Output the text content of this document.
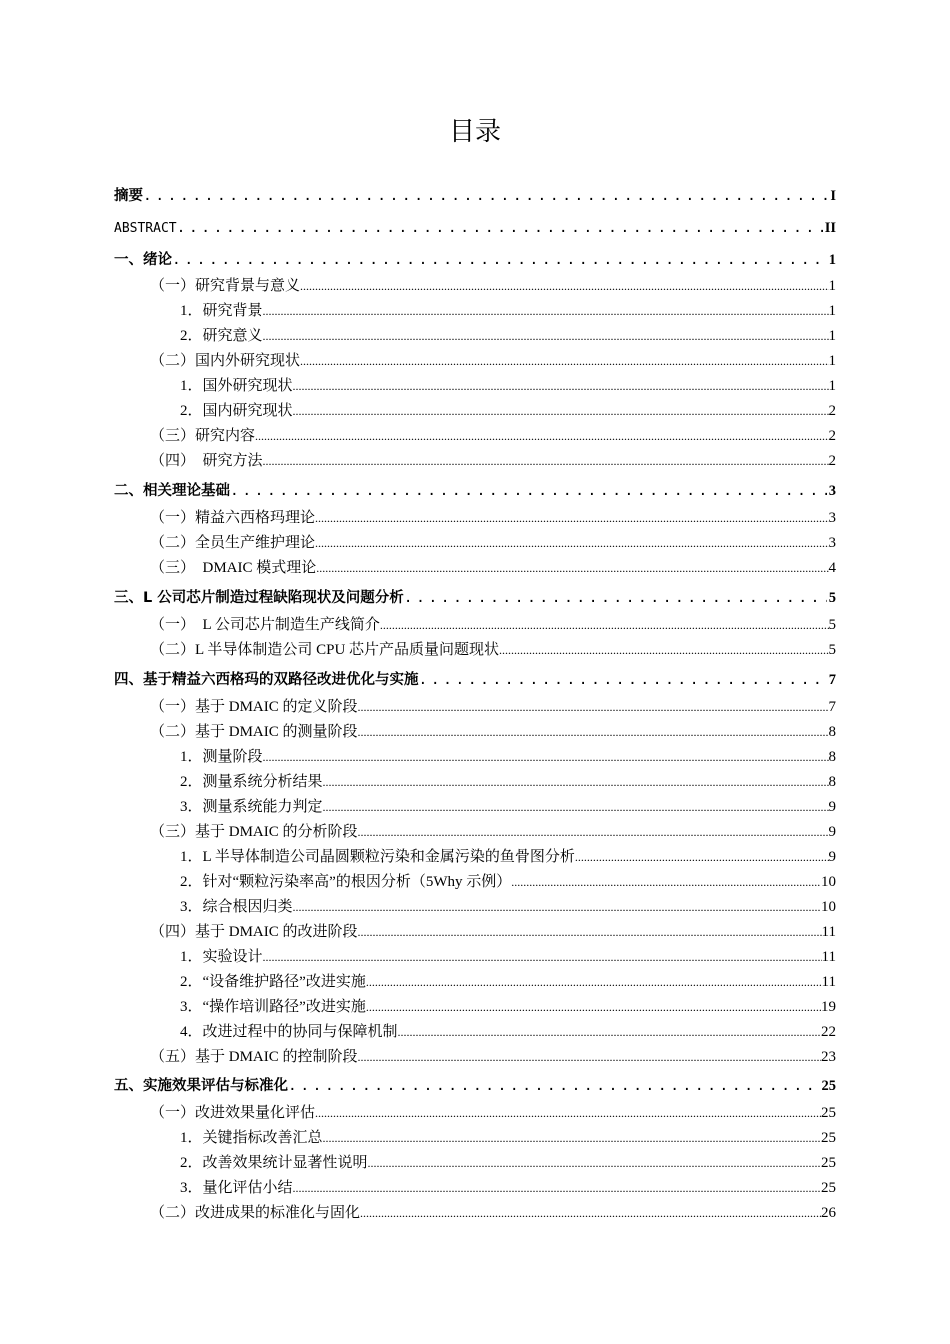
目录
摘要 .....	I
ABSTRACT .....	II
一、绪论 .....	1
（一）研究背景与意义 .....	1
1．研究背景 .....	1
2．研究意义 .....	1
（二）国内外研究现状 .....	1
1．国外研究现状 .....	1
2．国内研究现状 .....	2
（三）研究内容 .....	2
（四）　研究方法 .....	2
二、相关理论基础 .....	3
（一）精益六西格玛理论 .....	3
（二）全员生产维护理论 .....	3
（三）　DMAIC 模式理论 .....	4
三、L 公司芯片制造过程缺陷现状及问题分析 .....	5
（一）　L 公司芯片制造生产线简介 .....	5
（二）L 半导体制造公司 CPU 芯片产品质量问题现状 .....	5
四、基于精益六西格玛的双路径改进优化与实施 .....	7
（一）基于 DMAIC 的定义阶段 .....	7
（二）基于 DMAIC 的测量阶段 .....	8
1．测量阶段 .....	8
2．测量系统分析结果 .....	8
3．测量系统能力判定 .....	9
（三）基于 DMAIC 的分析阶段 .....	9
1．L 半导体制造公司晶圆颗粒污染和金属污染的鱼骨图分析 .....	9
2．针对“颗粒污染率高”的根因分析（5Why 示例） .....	10
3．综合根因归类 .....	10
（四）基于 DMAIC 的改进阶段 .....	11
1．实验设计 .....	11
2．“设备维护路径”改进实施 .....	11
3．“操作培训路径”改进实施 .....	19
4．改进过程中的协同与保障机制 .....	22
（五）基于 DMAIC 的控制阶段 .....	23
五、实施效果评估与标准化 .....	25
（一）改进效果量化评估 .....	25
1．关键指标改善汇总 .....	25
2．改善效果统计显著性说明 .....	25
3．量化评估小结 .....	25
（二）改进成果的标准化与固化 .....	26
